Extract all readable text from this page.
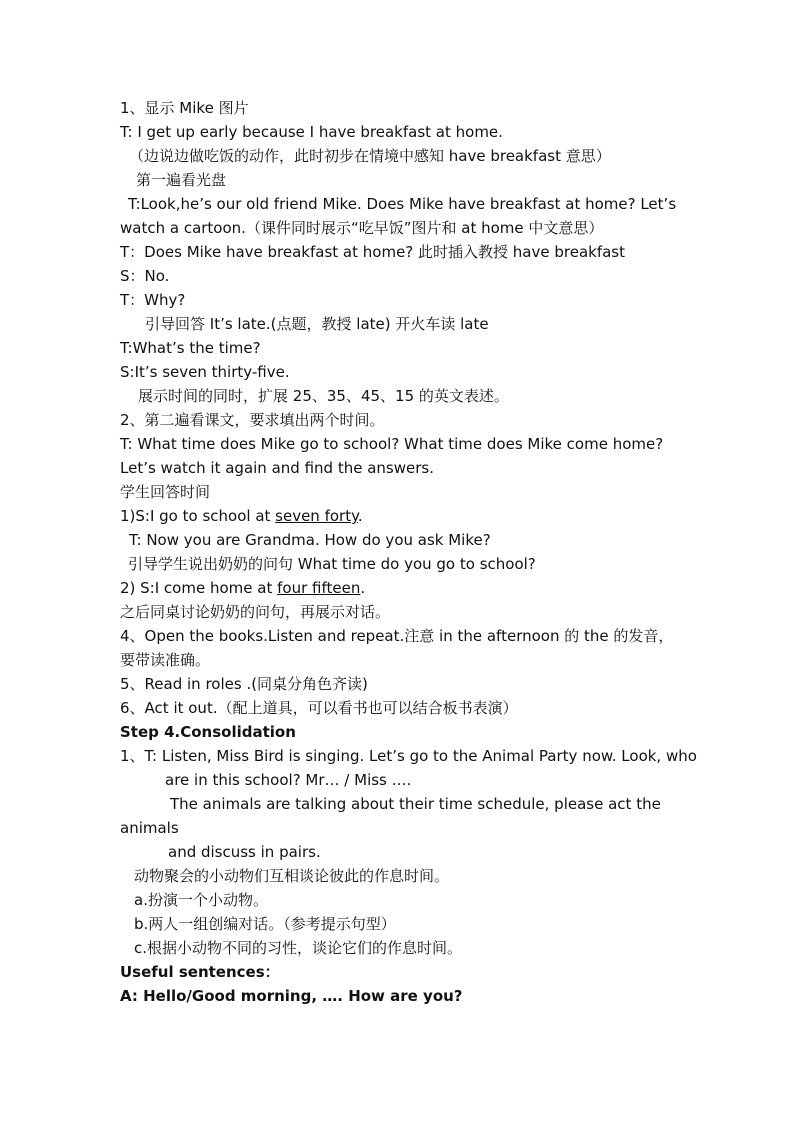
1、显示 Mike 图片
T: I get up early because I have breakfast at home.
（边说边做吃饭的动作，此时初步在情境中感知 have breakfast 意思）
第一遍看光盘
T:Look,he’s our old friend Mike. Does Mike have breakfast at home? Let’s
watch a cartoon.（课件同时展示“吃早饭”图片和 at home 中文意思）
T：Does Mike have breakfast at home? 此时插入教授 have breakfast
S：No.
T：Why?
引导回答 It’s late.(点题，教授 late) 开火车读 late
T:What’s the time?
S:It’s seven thirty-five.
展示时间的同时，扩展 25、35、45、15 的英文表述。
2、第二遍看课文，要求填出两个时间。
T: What time does Mike go to school? What time does Mike come home?
Let’s watch it again and find the answers.
学生回答时间
1)S:I go to school at seven forty.
T: Now you are Grandma. How do you ask Mike?
引导学生说出奶奶的问句 What time do you go to school?
2) S:I come home at four fifteen.
之后同桌讨论奶奶的问句，再展示对话。
4、Open the books.Listen and repeat.注意 in the afternoon 的 the 的发音，
要带读准确。
5、Read in roles .(同桌分角色齐读)
6、Act it out.（配上道具，可以看书也可以结合板书表演）
Step 4.Consolidation
1、T: Listen, Miss Bird is singing. Let’s go to the Animal Party now. Look, who
are in this school? Mr… / Miss ….
The animals are talking about their time schedule, please act the
animals
and discuss in pairs.
动物聚会的小动物们互相谈论彼此的作息时间。
a.扮演一个小动物。
b.两人一组创编对话。（参考提示句型）
c.根据小动物不同的习性，谈论它们的作息时间。
Useful sentences：
A: Hello/Good morning, …. How are you?
